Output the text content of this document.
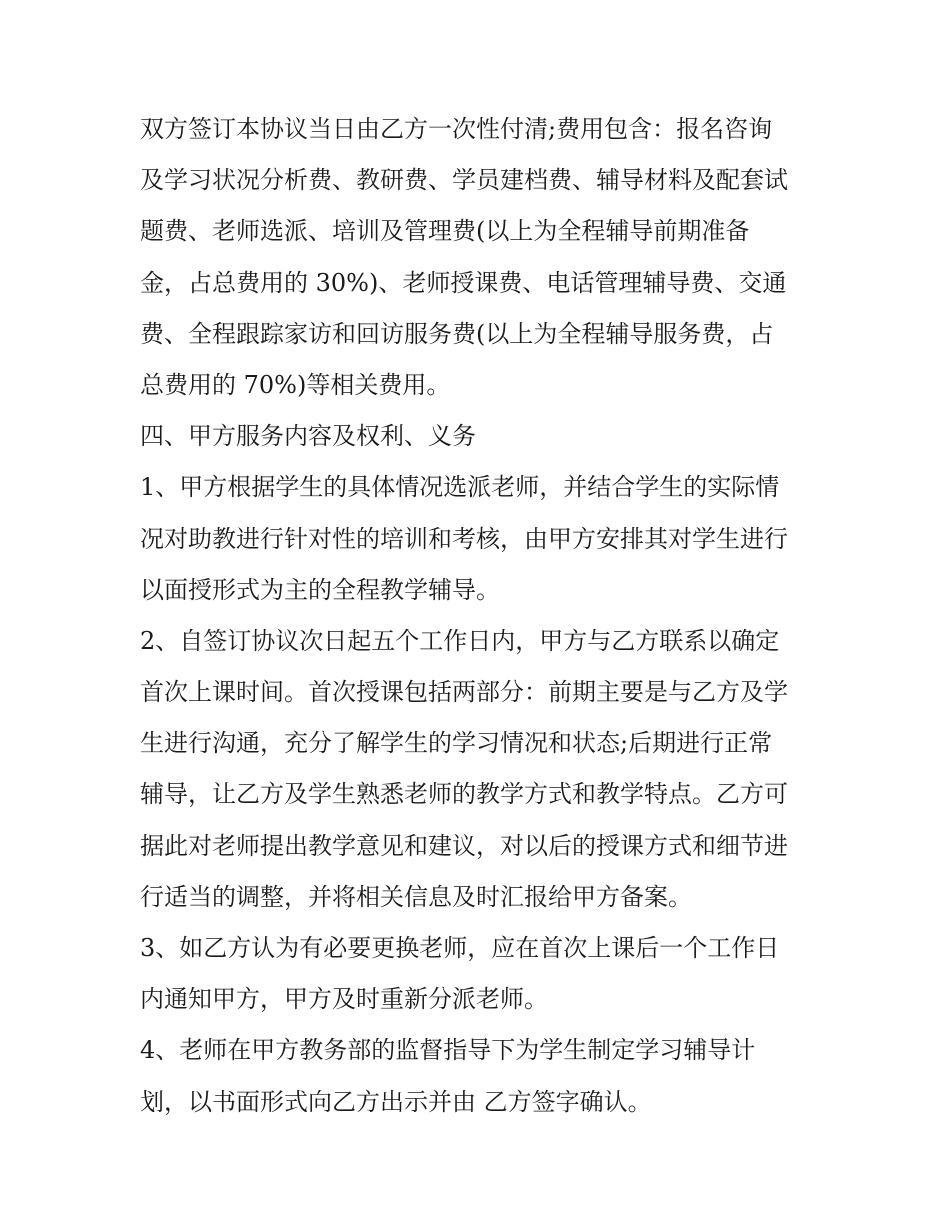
双方签订本协议当日由乙方一次性付清;费用包含：报名咨询
及学习状况分析费、教研费、学员建档费、辅导材料及配套试
题费、老师选派、培训及管理费(以上为全程辅导前期准备
金，占总费用的 30%)、老师授课费、电话管理辅导费、交通
费、全程跟踪家访和回访服务费(以上为全程辅导服务费，占
总费用的 70%)等相关费用。
四、甲方服务内容及权利、义务
1、甲方根据学生的具体情况选派老师，并结合学生的实际情
况对助教进行针对性的培训和考核，由甲方安排其对学生进行
以面授形式为主的全程教学辅导。
2、自签订协议次日起五个工作日内，甲方与乙方联系以确定
首次上课时间。首次授课包括两部分：前期主要是与乙方及学
生进行沟通，充分了解学生的学习情况和状态;后期进行正常
辅导，让乙方及学生熟悉老师的教学方式和教学特点。乙方可
据此对老师提出教学意见和建议，对以后的授课方式和细节进
行适当的调整，并将相关信息及时汇报给甲方备案。
3、如乙方认为有必要更换老师，应在首次上课后一个工作日
内通知甲方，甲方及时重新分派老师。
4、老师在甲方教务部的监督指导下为学生制定学习辅导计
划，以书面形式向乙方出示并由 乙方签字确认。
